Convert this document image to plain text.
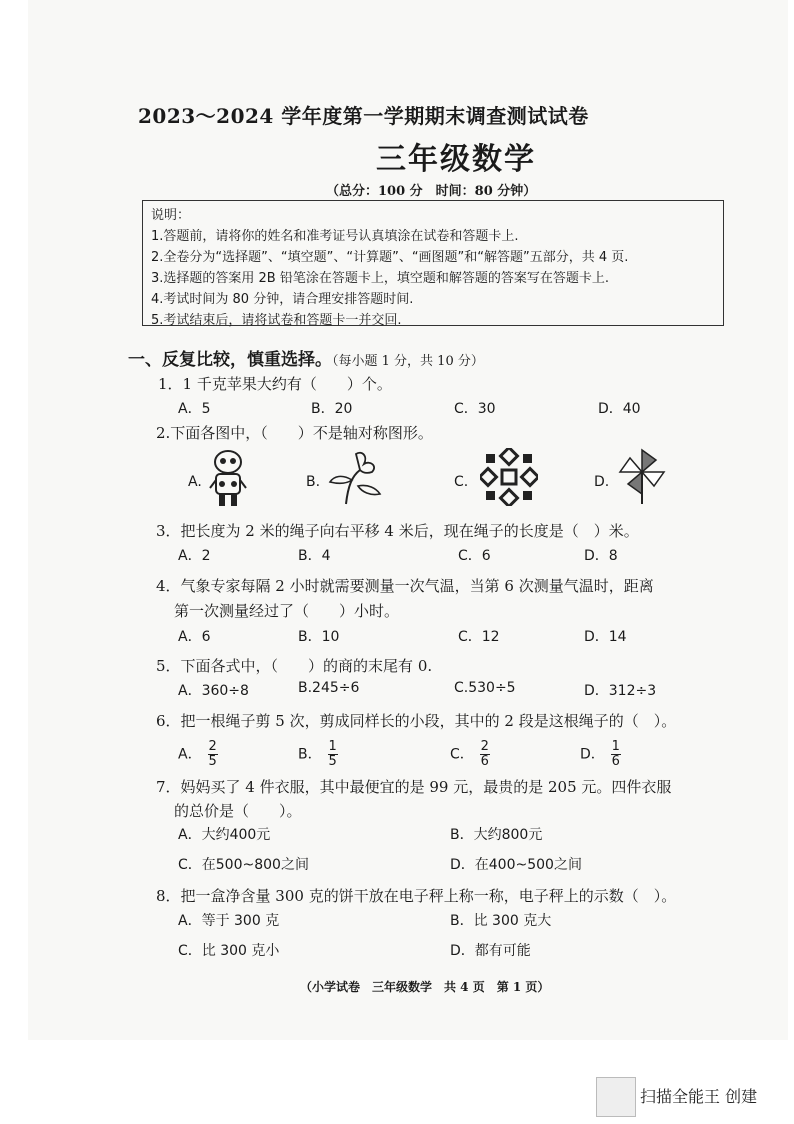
2023～2024 学年度第一学期期末调查测试试卷
三年级数学
（总分：100 分　时间：80 分钟）
说明：
1.答题前，请将你的姓名和准考证号认真填涂在试卷和答题卡上.
2.全卷分为“选择题”、“填空题”、“计算题”、“画图题”和“解答题”五部分，共 4 页.
3.选择题的答案用 2B 铅笔涂在答题卡上，填空题和解答题的答案写在答题卡上.
4.考试时间为 80 分钟，请合理安排答题时间.
5.考试结束后，请将试卷和答题卡一并交回.
一、反复比较，慎重选择。（每小题 1 分，共 10 分）
1．1 千克苹果大约有（　　）个。
A．5	B．20	C．30	D．40
2.下面各图中，（　　）不是轴对称图形。
A.	B.	C.	D.
3．把长度为 2 米的绳子向右平移 4 米后，现在绳子的长度是（　）米。
A．2	B．4	C．6	D．8
4．气象专家每隔 2 小时就需要测量一次气温，当第 6 次测量气温时，距离
第一次测量经过了（　　）小时。
A．6	B．10	C．12	D．14
5．下面各式中，（　　）的商的末尾有 0.
A．360÷8	B.245÷6	C.530÷5	D．312÷3
6．把一根绳子剪 5 次，剪成同样长的小段，其中的 2 段是这根绳子的（　）。
A． $\frac{2}{5}$	B． $\frac{1}{5}$	C． $\frac{2}{6}$	D． $\frac{1}{6}$
7．妈妈买了 4 件衣服，其中最便宜的是 99 元，最贵的是 205 元。四件衣服
的总价是（　　）。
A．大约400元	B．大约800元
C．在500~800之间	D．在400~500之间
8．把一盒净含量 300 克的饼干放在电子秤上称一称，电子秤上的示数（　）。
A．等于 300 克	B．比 300 克大
C．比 300 克小	D．都有可能
（小学试卷　三年级数学　共 4 页　第 1 页）
扫描全能王 创建
